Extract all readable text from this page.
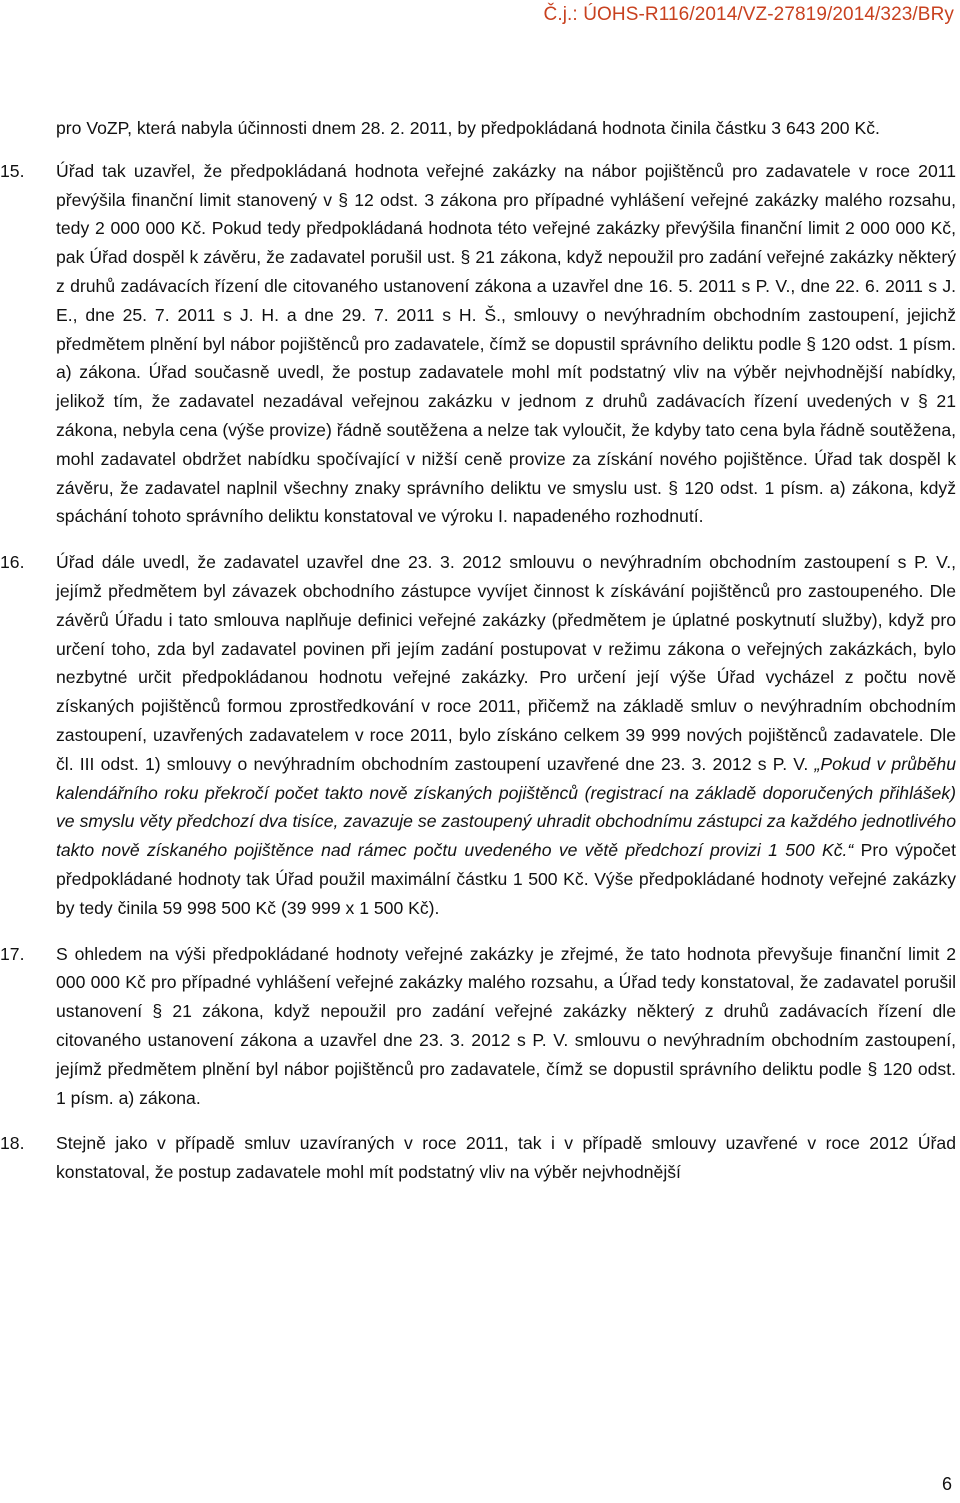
Č.j.: ÚOHS-R116/2014/VZ-27819/2014/323/BRy

pro VoZP, která nabyla účinnosti dnem 28. 2. 2011, by předpokládaná hodnota činila částku 3 643 200 Kč.

15. Úřad tak uzavřel, že předpokládaná hodnota veřejné zakázky na nábor pojištěnců pro zadavatele v roce 2011 převýšila finanční limit stanovený v § 12 odst. 3 zákona pro případné vyhlášení veřejné zakázky malého rozsahu, tedy 2 000 000 Kč. Pokud tedy předpokládaná hodnota této veřejné zakázky převýšila finanční limit 2 000 000 Kč, pak Úřad dospěl k závěru, že zadavatel porušil ust. § 21 zákona, když nepoužil pro zadání veřejné zakázky některý z druhů zadávacích řízení dle citovaného ustanovení zákona a uzavřel dne 16. 5. 2011 s P. V., dne 22. 6. 2011 s J. E., dne 25. 7. 2011 s J. H. a dne 29. 7. 2011 s H. Š., smlouvy o nevýhradním obchodním zastoupení, jejichž předmětem plnění byl nábor pojištěnců pro zadavatele, čímž se dopustil správního deliktu podle § 120 odst. 1 písm. a) zákona. Úřad současně uvedl, že postup zadavatele mohl mít podstatný vliv na výběr nejvhodnější nabídky, jelikož tím, že zadavatel nezadával veřejnou zakázku v jednom z druhů zadávacích řízení uvedených v § 21 zákona, nebyla cena (výše provize) řádně soutěžena a nelze tak vyloučit, že kdyby tato cena byla řádně soutěžena, mohl zadavatel obdržet nabídku spočívající v nižší ceně provize za získání nového pojištěnce. Úřad tak dospěl k závěru, že zadavatel naplnil všechny znaky správního deliktu ve smyslu ust. § 120 odst. 1 písm. a) zákona, když spáchání tohoto správního deliktu konstatoval ve výroku I. napadeného rozhodnutí.

16. Úřad dále uvedl, že zadavatel uzavřel dne 23. 3. 2012 smlouvu o nevýhradním obchodním zastoupení s P. V., jejímž předmětem byl závazek obchodního zástupce vyvíjet činnost k získávání pojištěnců pro zastoupeného. Dle závěrů Úřadu i tato smlouva naplňuje definici veřejné zakázky (předmětem je úplatné poskytnutí služby), když pro určení toho, zda byl zadavatel povinen při jejím zadání postupovat v režimu zákona o veřejných zakázkách, bylo nezbytné určit předpokládanou hodnotu veřejné zakázky. Pro určení její výše Úřad vycházel z počtu nově získaných pojištěnců formou zprostředkování v roce 2011, přičemž na základě smluv o nevýhradním obchodním zastoupení, uzavřených zadavatelem v roce 2011, bylo získáno celkem 39 999 nových pojištěnců zadavatele. Dle čl. III odst. 1) smlouvy o nevýhradním obchodním zastoupení uzavřené dne 23. 3. 2012 s P. V. „Pokud v průběhu kalendářního roku překročí počet takto nově získaných pojištěnců (registrací na základě doporučených přihlášek) ve smyslu věty předchozí dva tisíce, zavazuje se zastoupený uhradit obchodnímu zástupci za každého jednotlivého takto nově získaného pojištěnce nad rámec počtu uvedeného ve větě předchozí provizi 1 500 Kč.“ Pro výpočet předpokládané hodnoty tak Úřad použil maximální částku 1 500 Kč. Výše předpokládané hodnoty veřejné zakázky by tedy činila 59 998 500 Kč (39 999 x 1 500 Kč).

17. S ohledem na výši předpokládané hodnoty veřejné zakázky je zřejmé, že tato hodnota převyšuje finanční limit 2 000 000 Kč pro případné vyhlášení veřejné zakázky malého rozsahu, a Úřad tedy konstatoval, že zadavatel porušil ustanovení § 21 zákona, když nepoužil pro zadání veřejné zakázky některý z druhů zadávacích řízení dle citovaného ustanovení zákona a uzavřel dne 23. 3. 2012 s P. V. smlouvu o nevýhradním obchodním zastoupení, jejímž předmětem plnění byl nábor pojištěnců pro zadavatele, čímž se dopustil správního deliktu podle § 120 odst. 1 písm. a) zákona.

18. Stejně jako v případě smluv uzavíraných v roce 2011, tak i v případě smlouvy uzavřené v roce 2012 Úřad konstatoval, že postup zadavatele mohl mít podstatný vliv na výběr nejvhodnější

6
